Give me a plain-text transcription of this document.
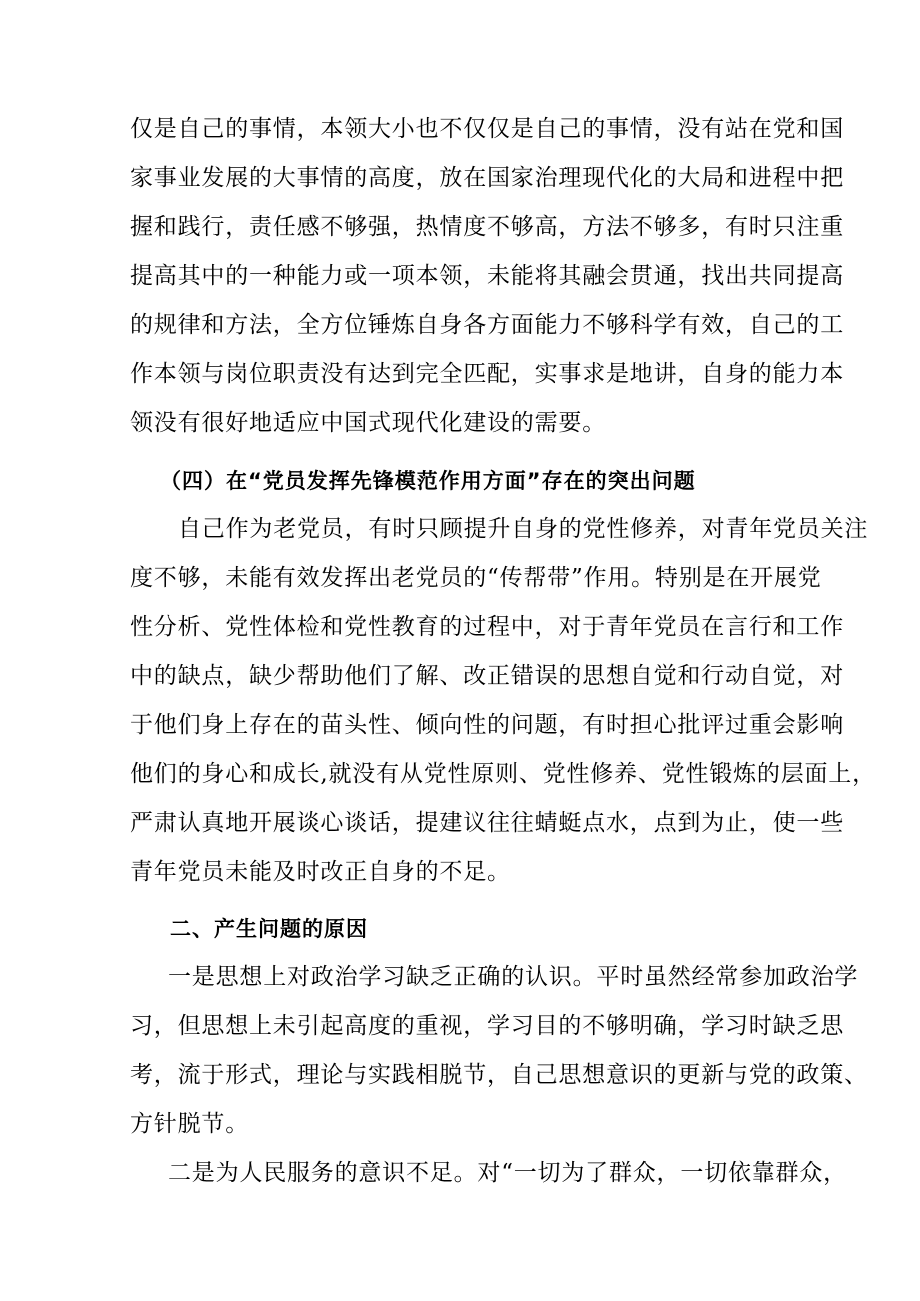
仅是自己的事情，本领大小也不仅仅是自己的事情，没有站在党和国
家事业发展的大事情的高度，放在国家治理现代化的大局和进程中把
握和践行，责任感不够强，热情度不够高，方法不够多，有时只注重
提高其中的一种能力或一项本领，未能将其融会贯通，找出共同提高
的规律和方法，全方位锤炼自身各方面能力不够科学有效，自己的工
作本领与岗位职责没有达到完全匹配，实事求是地讲，自身的能力本
领没有很好地适应中国式现代化建设的需要。
（四）在“党员发挥先锋模范作用方面”存在的突出问题
自己作为老党员，有时只顾提升自身的党性修养，对青年党员关注
度不够，未能有效发挥出老党员的“传帮带”作用。特别是在开展党
性分析、党性体检和党性教育的过程中，对于青年党员在言行和工作
中的缺点，缺少帮助他们了解、改正错误的思想自觉和行动自觉，对
于他们身上存在的苗头性、倾向性的问题，有时担心批评过重会影响
他们的身心和成长,就没有从党性原则、党性修养、党性锻炼的层面上，
严肃认真地开展谈心谈话，提建议往往蜻蜓点水，点到为止，使一些
青年党员未能及时改正自身的不足。
二、产生问题的原因
一是思想上对政治学习缺乏正确的认识。平时虽然经常参加政治学
习，但思想上未引起高度的重视，学习目的不够明确，学习时缺乏思
考，流于形式，理论与实践相脱节，自己思想意识的更新与党的政策、
方针脱节。
二是为人民服务的意识不足。对“一切为了群众，一切依靠群众，
